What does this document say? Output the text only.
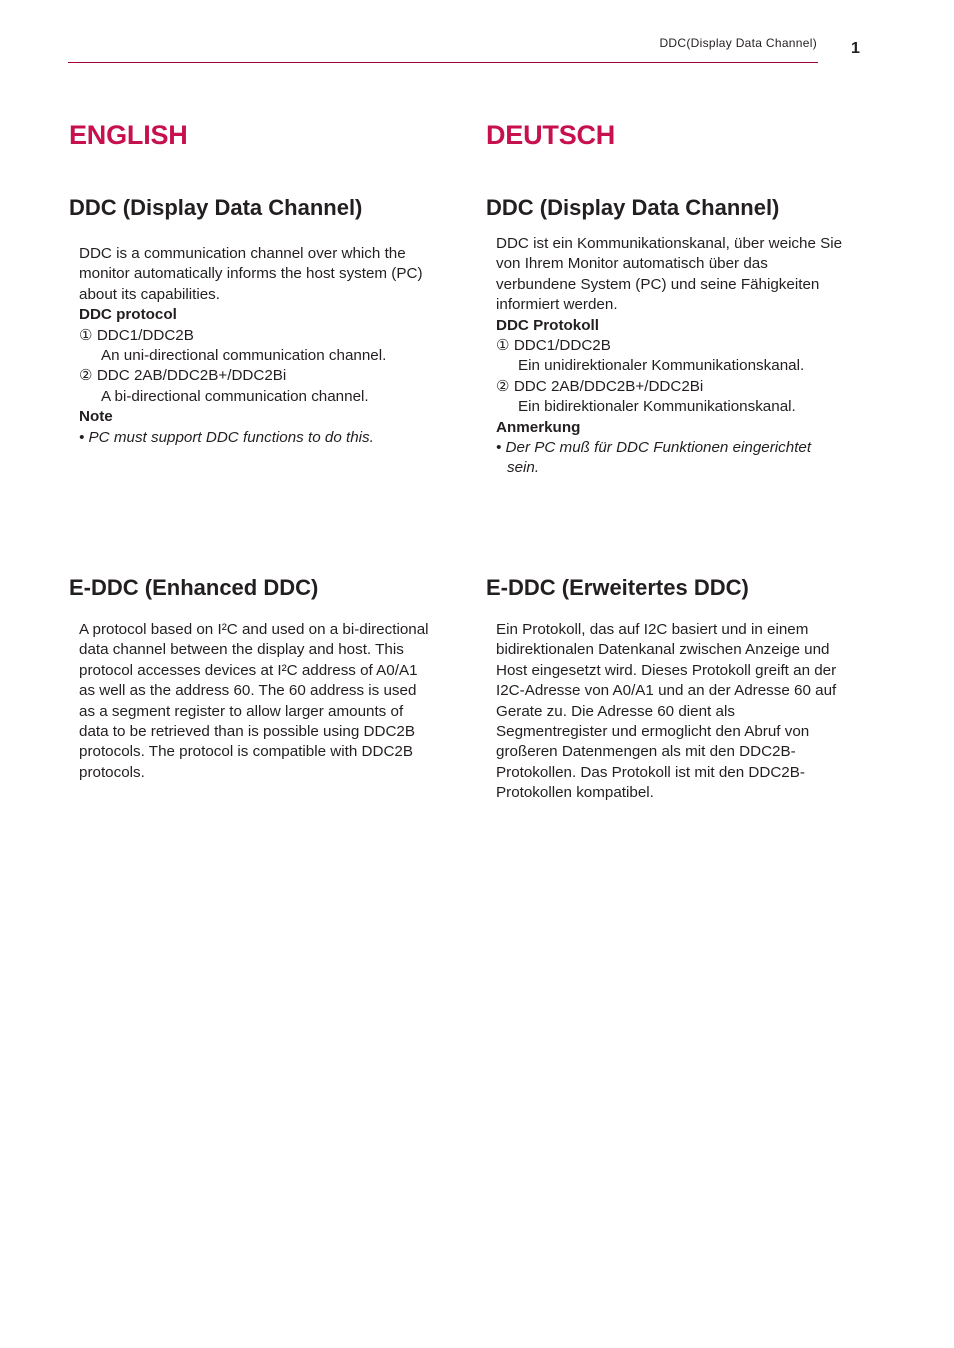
DDC(Display Data Channel) 1
ENGLISH
DDC (Display Data Channel)

DDC is a communication channel over which the monitor automatically informs the host system (PC) about its capabilities.

DDC protocol

① DDC1/DDC2B

An uni-directional communication channel.

② DDC 2AB/DDC2B+/DDC2Bi

A bi-directional communication channel.

Note

• PC must support DDC functions to do this.

E-DDC (Enhanced DDC)

A protocol based on I²C and used on a bi-directional data channel between the display and host. This protocol accesses devices at I²C address of A0/A1 as well as the address 60. The 60 address is used as a segment register to allow larger amounts of data to be retrieved than is possible using DDC2B protocols. The protocol is compatible with DDC2B protocols.

DEUTSCH
DDC (Display Data Channel)

DDC ist ein Kommunikationskanal, über weiche Sie von Ihrem Monitor automatisch über das verbundene System (PC) und seine Fähigkeiten informiert werden.

DDC Protokoll

① DDC1/DDC2B

Ein unidirektionaler Kommunikationskanal.

② DDC 2AB/DDC2B+/DDC2Bi

Ein bidirektionaler Kommunikationskanal.

Anmerkung

• Der PC muß für DDC Funktionen eingerichtet sein.

E-DDC (Erweitertes DDC)

Ein Protokoll, das auf I2C basiert und in einem bidirektionalen Datenkanal zwischen Anzeige und Host eingesetzt wird. Dieses Protokoll greift an der I2C-Adresse von A0/A1 und an der Adresse 60 auf Gerate zu. Die Adresse 60 dient als Segmentregister und ermoglicht den Abruf von großeren Datenmengen als mit den DDC2B-Protokollen. Das Protokoll ist mit den DDC2B-Protokollen kompatibel.
